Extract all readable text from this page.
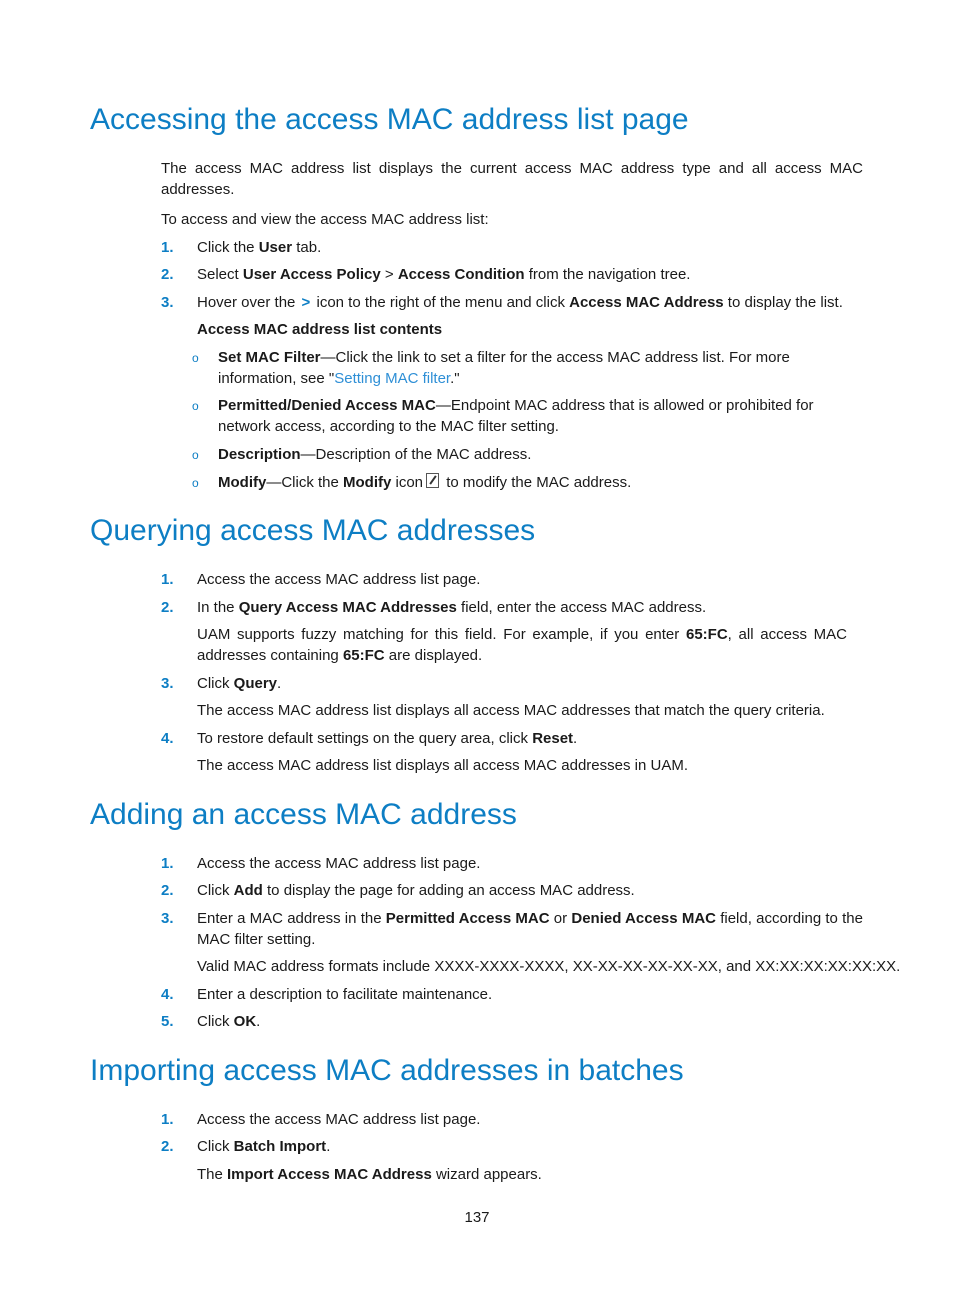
Accessing the access MAC address list page

The access MAC address list displays the current access MAC address type and all access MAC addresses.

To access and view the access MAC address list:

1. Click the User tab.
2. Select User Access Policy > Access Condition from the navigation tree.
3. Hover over the > icon to the right of the menu and click Access MAC Address to display the list.
Access MAC address list contents
o Set MAC Filter—Click the link to set a filter for the access MAC address list. For more information, see "Setting MAC filter."
o Permitted/Denied Access MAC—Endpoint MAC address that is allowed or prohibited for network access, according to the MAC filter setting.
o Description—Description of the MAC address.
o Modify—Click the Modify icon to modify the MAC address.
Querying access MAC addresses
1. Access the access MAC address list page.
2. In the Query Access MAC Addresses field, enter the access MAC address.

UAM supports fuzzy matching for this field. For example, if you enter 65:FC, all access MAC addresses containing 65:FC are displayed.

3. Click Query.
The access MAC address list displays all access MAC addresses that match the query criteria.
4. To restore default settings on the query area, click Reset.
The access MAC address list displays all access MAC addresses in UAM.
Adding an access MAC address
1. Access the access MAC address list page.
2. Click Add to display the page for adding an access MAC address.
3. Enter a MAC address in the Permitted Access MAC or Denied Access MAC field, according to the MAC filter setting.

Valid MAC address formats include XXXX-XXXX-XXXX, XX-XX-XX-XX-XX-XX, and XX:XX:XX:XX:XX:XX.
4. Enter a description to facilitate maintenance.
5. Click OK.
Importing access MAC addresses in batches
1. Access the access MAC address list page.
2. Click Batch Import.
The Import Access MAC Address wizard appears.
137
